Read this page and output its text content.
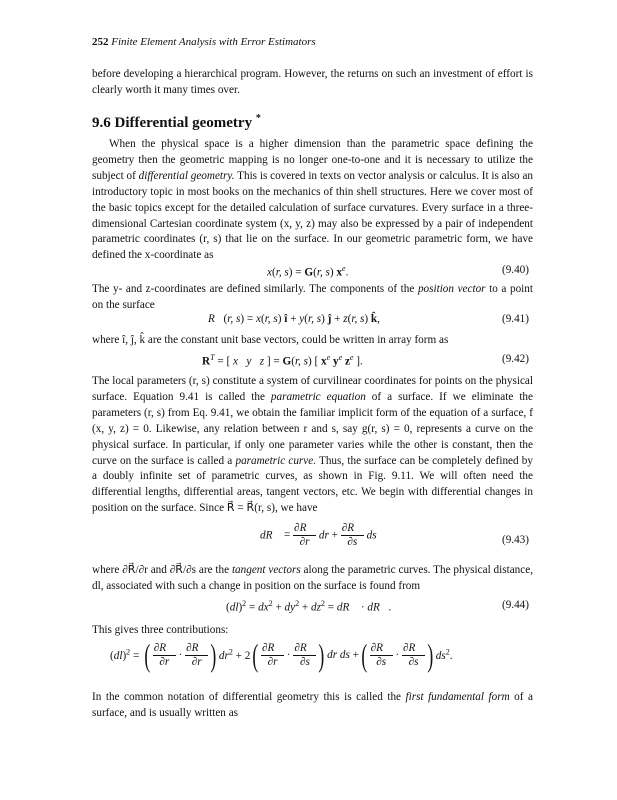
252 Finite Element Analysis with Error Estimators

before developing a hierarchical program. However, the returns on such an investment of effort is clearly worth it many times over.

9.6 Differential geometry *

When the physical space is a higher dimension than the parametric space defining the geometry then the geometric mapping is no longer one-to-one and it is necessary to utilize the subject of differential geometry. This is covered in texts on vector analysis or calculus. It is also an introductory topic in most books on the mechanics of thin shell structures. Here we cover most of the basic topics except for the detailed calculation of surface curvatures. Every surface in a three-dimensional Cartesian coordinate system (x, y, z) may also be expressed by a pair of independent parametric coordinates (r, s) that lie on the surface. In our geometric parametric form, we have defined the x-coordinate as

x(r, s) = G(r, s) $x^e$.	(9.40)

The y- and z-coordinates are defined similarly. The components of the position vector to a point on the surface

R⃗(r, s) = x(r, s) î + y(r, s) ĵ + z(r, s) k̂,	(9.41)

where î, ĵ, k̂ are the constant unit base vectors, could be written in array form as

$R^T$ = [ x y z ] = G(r, s) [ $x^e$ $y^e$ $z^e$ ].	(9.42)

The local parameters (r, s) constitute a system of curvilinear coordinates for points on the physical surface. Equation 9.41 is called the parametric equation of a surface. If we eliminate the parameters (r, s) from Eq. 9.41, we obtain the familiar implicit form of the equation of a surface, f (x, y, z) = 0. Likewise, any relation between r and s, say g(r, s) = 0, represents a curve on the physical surface. In particular, if only one parameter varies while the other is constant, then the curve on the surface is called a parametric curve. Thus, the surface can be completely defined by a doubly infinite set of parametric curves, as shown in Fig. 9.11. We will often need the differential lengths, differential areas, tangent vectors, etc. We begin with differential changes in position on the surface. Since R⃗ = R⃗(r, s), we have

dR⃗ = $\frac{\partial R⃗}{\partial r}$ dr + $\frac{\partial R⃗}{\partial s}$ ds	(9.43)

where ∂R⃗/∂r and ∂R⃗/∂s are the tangent vectors along the parametric curves. The physical distance, dl, associated with such a change in position on the surface is found from

$(dl)^2 = dx^2 + dy^2 + dz^2$ = dR⃗ · dR⃗.	(9.44)

This gives three contributions:

(dl)$^2$ = ( $\frac{\partial R⃗}{\partial r} \cdot \frac{\partial R⃗}{\partial r}$ ) $dr^2 + 2( \frac{\partial R⃗}{\partial r} \cdot \frac{\partial R⃗}{\partial s}$ ) dr ds +( $\frac{\partial R⃗}{\partial s} \cdot \frac{\partial R⃗}{\partial s}$ ) $ds^2$.

In the common notation of differential geometry this is called the first fundamental form of a surface, and is usually written as
